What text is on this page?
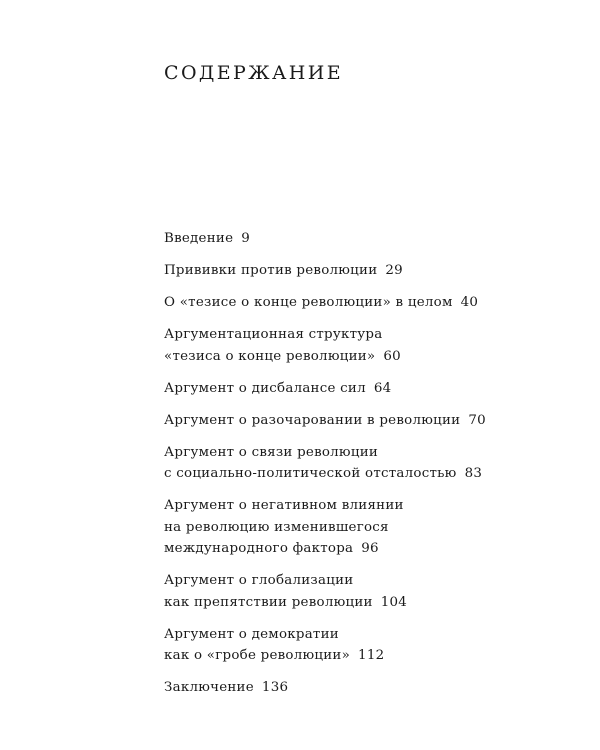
СОДЕРЖАНИЕ
Введение 9
Прививки против революции 29
О «тезисе о конце революции» в целом 40
Аргументационная структура
«тезиса о конце революции» 60
Аргумент о дисбалансе сил 64
Аргумент о разочаровании в революции 70
Аргумент о связи революции
с социально-политической отсталостью 83
Аргумент о негативном влиянии
на революцию изменившегося
международного фактора 96
Аргумент о глобализации
как препятствии революции 104
Аргумент о демократии
как о «гробе революции» 112
Заключение 136
